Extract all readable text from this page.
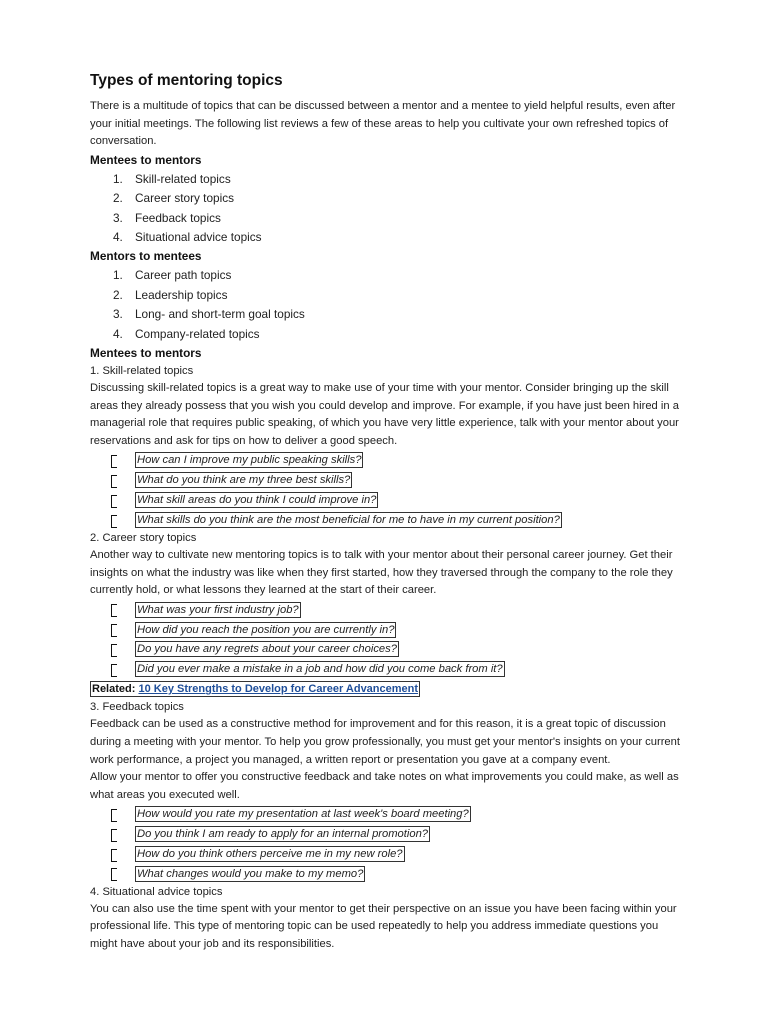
Types of mentoring topics

There is a multitude of topics that can be discussed between a mentor and a mentee to yield helpful results, even after your initial meetings. The following list reviews a few of these areas to help you cultivate your own refreshed topics of conversation.

Mentees to mentors
1.	Skill-related topics
2.	Career story topics
3.	Feedback topics
4.	Situational advice topics
Mentors to mentees
1.	Career path topics
2.	Leadership topics
3.	Long- and short-term goal topics
4.	Company-related topics
Mentees to mentors
1. Skill-related topics

Discussing skill-related topics is a great way to make use of your time with your mentor. Consider bringing up the skill areas they already possess that you wish you could develop and improve. For example, if you have just been hired in a managerial role that requires public speaking, of which you have very little experience, talk with your mentor about your reservations and ask for tips on how to deliver a good speech.

How can I improve my public speaking skills?
What do you think are my three best skills?
What skill areas do you think I could improve in?
What skills do you think are the most beneficial for me to have in my current position?
2. Career story topics

Another way to cultivate new mentoring topics is to talk with your mentor about their personal career journey. Get their insights on what the industry was like when they first started, how they traversed through the company to the role they currently hold, or what lessons they learned at the start of their career.

What was your first industry job?
How did you reach the position you are currently in?
Do you have any regrets about your career choices?
Did you ever make a mistake in a job and how did you come back from it?
Related: 10 Key Strengths to Develop for Career Advancement
3. Feedback topics

Feedback can be used as a constructive method for improvement and for this reason, it is a great topic of discussion during a meeting with your mentor. To help you grow professionally, you must get your mentor's insights on your current work performance, a project you managed, a written report or presentation you gave at a company event.

Allow your mentor to offer you constructive feedback and take notes on what improvements you could make, as well as what areas you executed well.

How would you rate my presentation at last week's board meeting?
Do you think I am ready to apply for an internal promotion?
How do you think others perceive me in my new role?
What changes would you make to my memo?
4. Situational advice topics

You can also use the time spent with your mentor to get their perspective on an issue you have been facing within your professional life. This type of mentoring topic can be used repeatedly to help you address immediate questions you might have about your job and its responsibilities.
